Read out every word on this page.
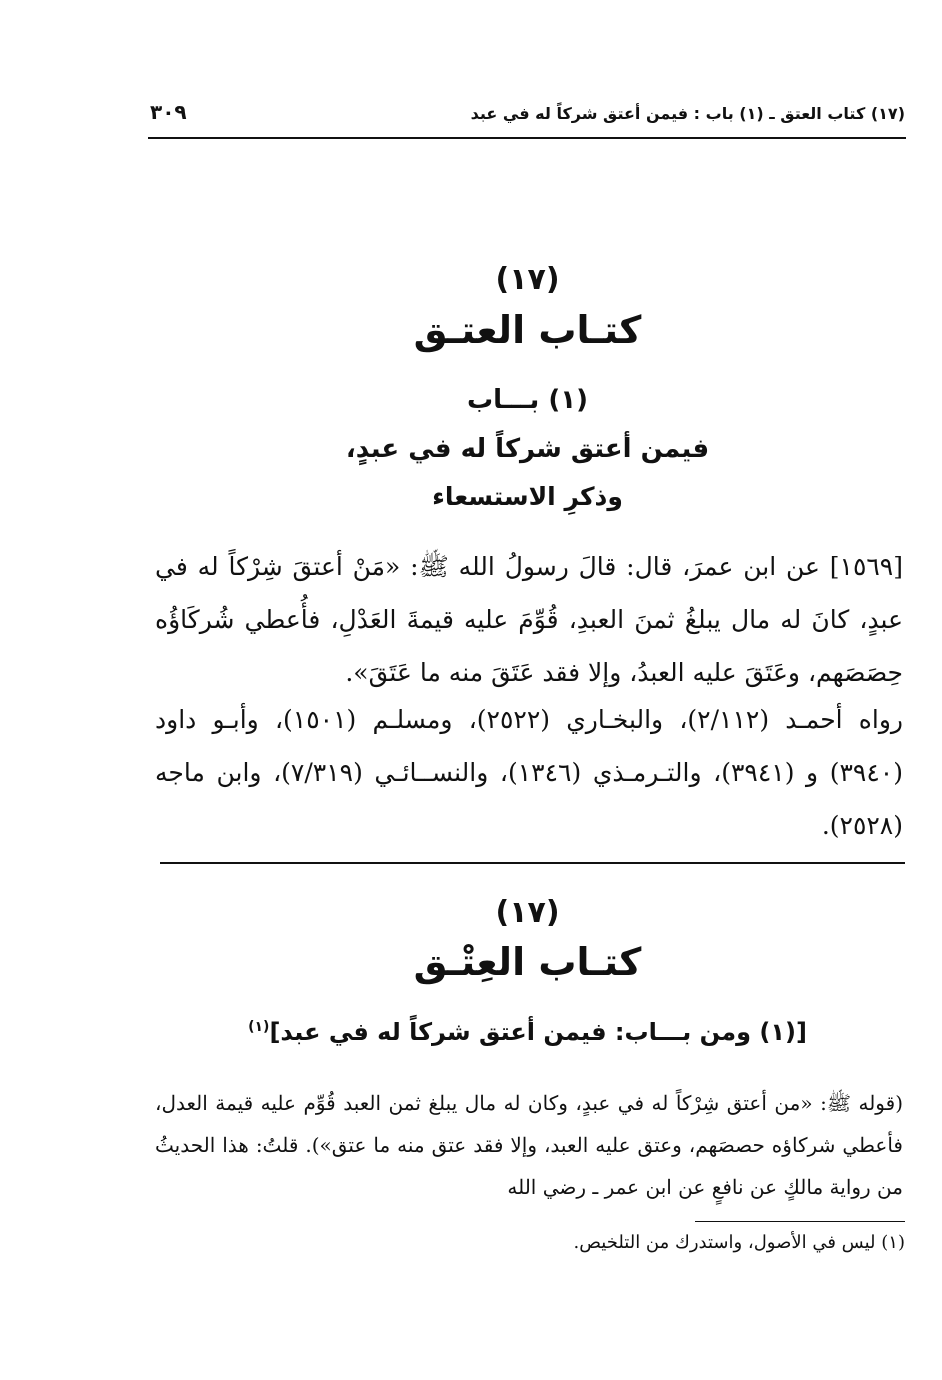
(١٧) كتاب العتق ـ (١) باب : فيمن أعتق شركاً له في عبد
٣٠٩
(١٧)
كتـاب العتـق
(١) بـــاب
فيمن أعتق شركاً له في عبدٍ،
وذكرِ الاستسعاء
[١٥٦٩] عن ابن عمرَ، قال: قالَ رسولُ الله ﷺ: «مَنْ أعتقَ شِرْكاً له في عبدٍ، كانَ له مال يبلغُ ثمنَ العبدِ، قُوِّمَ عليه قيمةَ العَدْلِ، فأُعطي شُركَاؤُه حِصَصَهم، وعَتَقَ عليه العبدُ، وإلا فقد عَتَقَ منه ما عَتَقَ».
رواه أحمـد (٢/١١٢)، والبخـاري (٢٥٢٢)، ومسلـم (١٥٠١)، وأبـو داود (٣٩٤٠) و (٣٩٤١)، والتـرمـذي (١٣٤٦)، والنســائـي (٧/٣١٩)، وابن ماجه (٢٥٢٨).
(١٧)
كتـاب العِتْـق
[(١) ومن بـــاب: فيمن أعتق شركاً له في عبد]$^{(١)}$
(قوله ﷺ: «من أعتق شِرْكاً له في عبدٍ، وكان له مال يبلغ ثمن العبد قُوِّم عليه قيمة العدل، فأعطي شركاؤه حصصَهم، وعتق عليه العبد، وإلا فقد عتق منه ما عتق»). قلتُ: هذا الحديثُ من رواية مالكٍ عن نافعٍ عن ابن عمر ـ رضي الله
(١) ليس في الأصول، واستدرك من التلخيص.
